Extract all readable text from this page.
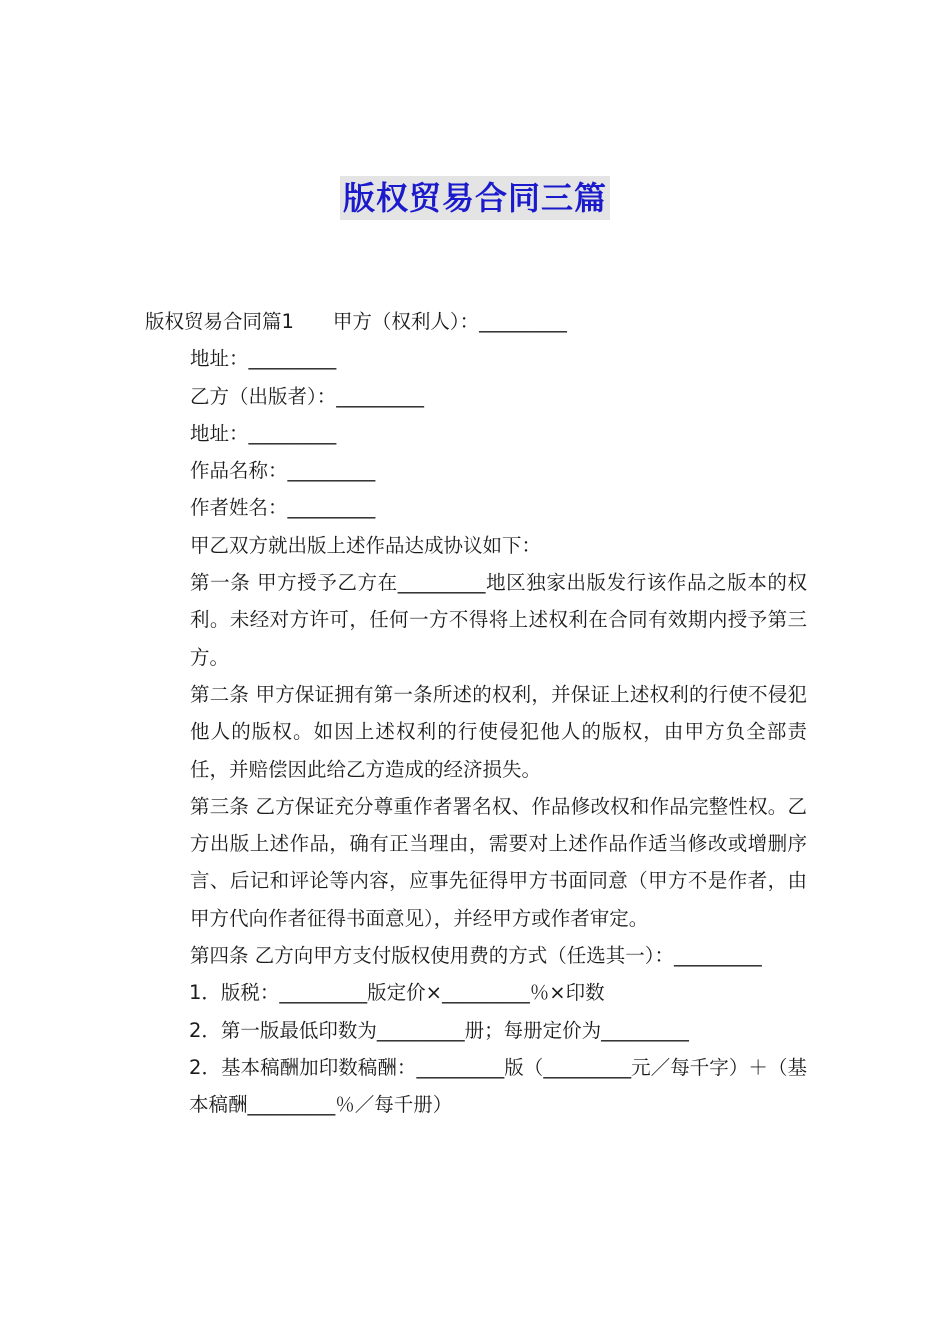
版权贸易合同三篇

版权贸易合同篇1　　甲方（权利人）：_________

地址：_________

乙方（出版者）：_________

地址：_________

作品名称：_________

作者姓名：_________

甲乙双方就出版上述作品达成协议如下：

第一条 甲方授予乙方在_________地区独家出版发行该作品之版本的权利。未经对方许可，任何一方不得将上述权利在合同有效期内授予第三方。

第二条 甲方保证拥有第一条所述的权利，并保证上述权利的行使不侵犯他人的版权。如因上述权利的行使侵犯他人的版权，由甲方负全部责任，并赔偿因此给乙方造成的经济损失。

第三条 乙方保证充分尊重作者署名权、作品修改权和作品完整性权。乙方出版上述作品，确有正当理由，需要对上述作品作适当修改或增删序言、后记和评论等内容，应事先征得甲方书面同意（甲方不是作者，由甲方代向作者征得书面意见），并经甲方或作者审定。

第四条 乙方向甲方支付版权使用费的方式（任选其一）：_________

1．版税：_________版定价×_________％×印数

2．第一版最低印数为_________册；每册定价为_________

2．基本稿酬加印数稿酬：_________版（_________元／每千字）＋（基本稿酬_________％／每千册）
